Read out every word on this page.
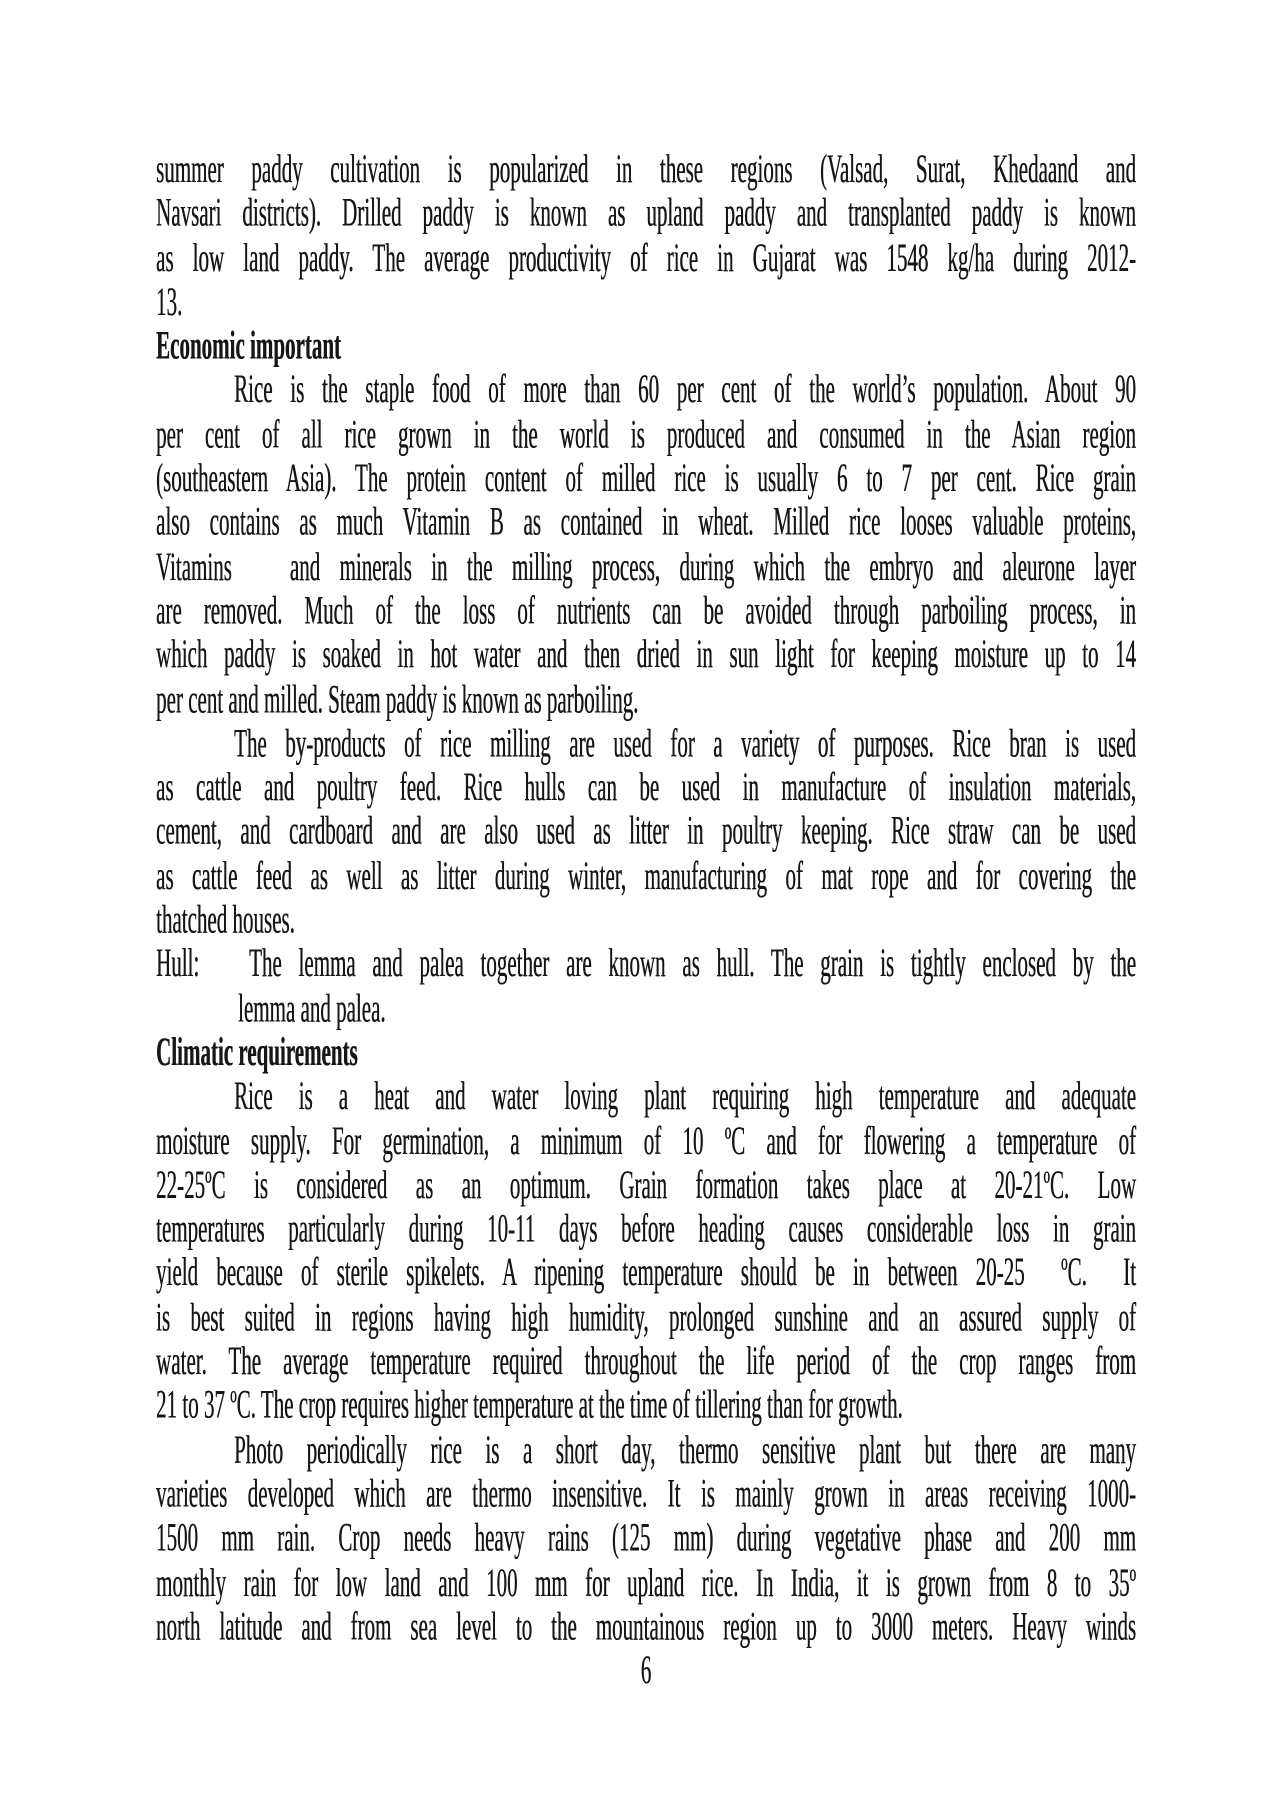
summer paddy cultivation is popularized in these regions (Valsad, Surat, Khedaand and
Navsari districts). Drilled paddy is known as upland paddy and transplanted paddy is known
as low land paddy. The average productivity of rice in Gujarat was 1548 kg/ha during 2012-
13.
Economic important
Rice is the staple food of more than 60 per cent of the world’s population. About 90
per cent of all rice grown in the world is produced and consumed in the Asian region
(southeastern Asia). The protein content of milled rice is usually 6 to 7 per cent. Rice grain
also contains as much Vitamin B as contained in wheat. Milled rice looses valuable proteins,
Vitamins   and minerals in the milling process, during which the embryo and aleurone layer
are removed. Much of the loss of nutrients can be avoided through parboiling process, in
which paddy is soaked in hot water and then dried in sun light for keeping moisture up to 14
per cent and milled. Steam paddy is known as parboiling.
The by-products of rice milling are used for a variety of purposes. Rice bran is used
as cattle and poultry feed. Rice hulls can be used in manufacture of insulation materials,
cement, and cardboard and are also used as litter in poultry keeping. Rice straw can be used
as cattle feed as well as litter during winter, manufacturing of mat rope and for covering the
thatched houses.
Hull:   The lemma and palea together are known as hull. The grain is tightly enclosed by the
lemma and palea.
Climatic requirements
Rice is a heat and water loving plant requiring high temperature and adequate
moisture supply. For germination, a minimum of 10 ºC and for flowering a temperature of
22-25ºC is considered as an optimum. Grain formation takes place at 20-21ºC. Low
temperatures particularly during 10-11 days before heading causes considerable loss in grain
yield because of sterile spikelets. A ripening temperature should be in between 20-25  ºC.  It
is best suited in regions having high humidity, prolonged sunshine and an assured supply of
water. The average temperature required throughout the life period of the crop ranges from
21 to 37 ºC. The crop requires higher temperature at the time of tillering than for growth.
Photo periodically rice is a short day, thermo sensitive plant but there are many
varieties developed which are thermo insensitive. It is mainly grown in areas receiving 1000-
1500 mm rain. Crop needs heavy rains (125 mm) during vegetative phase and 200 mm
monthly rain for low land and 100 mm for upland rice. In India, it is grown from 8 to 35º
north latitude and from sea level to the mountainous region up to 3000 meters. Heavy winds
6
